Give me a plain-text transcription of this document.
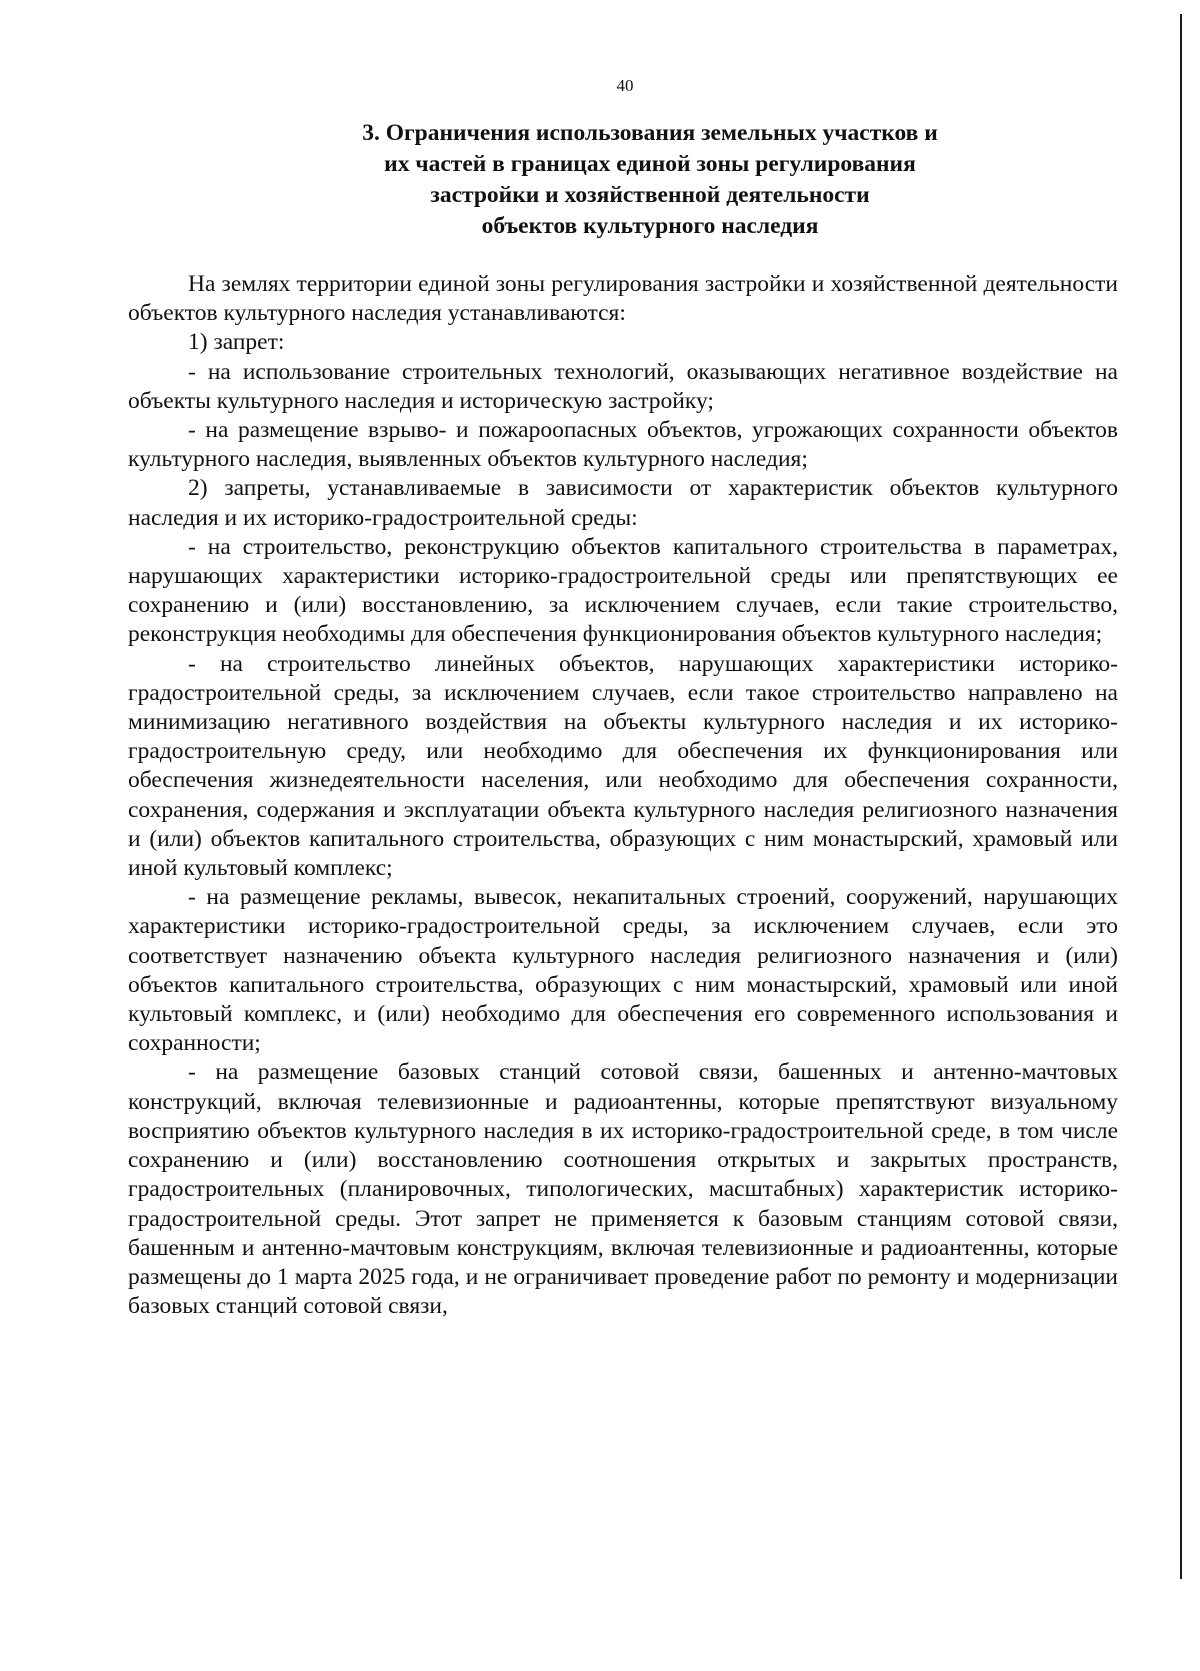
40
3. Ограничения использования земельных участков и
их частей в границах единой зоны регулирования
застройки и хозяйственной деятельности
объектов культурного наследия

На землях территории единой зоны регулирования застройки и хозяйственной деятельности объектов культурного наследия устанавливаются:

1) запрет:

- на использование строительных технологий, оказывающих негативное воздействие на объекты культурного наследия и историческую застройку;

- на размещение взрыво- и пожароопасных объектов, угрожающих сохранности объектов культурного наследия, выявленных объектов культурного наследия;

2) запреты, устанавливаемые в зависимости от характеристик объектов культурного наследия и их историко-градостроительной среды:

- на строительство, реконструкцию объектов капитального строительства в параметрах, нарушающих характеристики историко-градостроительной среды или препятствующих ее сохранению и (или) восстановлению, за исключением случаев, если такие строительство, реконструкция необходимы для обеспечения функционирования объектов культурного наследия;

- на строительство линейных объектов, нарушающих характеристики историко-градостроительной среды, за исключением случаев, если такое строительство направлено на минимизацию негативного воздействия на объекты культурного наследия и их историко-градостроительную среду, или необходимо для обеспечения их функционирования или обеспечения жизнедеятельности населения, или необходимо для обеспечения сохранности, сохранения, содержания и эксплуатации объекта культурного наследия религиозного назначения и (или) объектов капитального строительства, образующих с ним монастырский, храмовый или иной культовый комплекс;

- на размещение рекламы, вывесок, некапитальных строений, сооружений, нарушающих характеристики историко-градостроительной среды, за исключением случаев, если это соответствует назначению объекта культурного наследия религиозного назначения и (или) объектов капитального строительства, образующих с ним монастырский, храмовый или иной культовый комплекс, и (или) необходимо для обеспечения его современного использования и сохранности;

- на размещение базовых станций сотовой связи, башенных и антенно-мачтовых конструкций, включая телевизионные и радиоантенны, которые препятствуют визуальному восприятию объектов культурного наследия в их историко-градостроительной среде, в том числе сохранению и (или) восстановлению соотношения открытых и закрытых пространств, градостроительных (планировочных, типологических, масштабных) характеристик историко-градостроительной среды. Этот запрет не применяется к базовым станциям сотовой связи, башенным и антенно-мачтовым конструкциям, включая телевизионные и радиоантенны, которые размещены до 1 марта 2025 года, и не ограничивает проведение работ по ремонту и модернизации базовых станций сотовой связи,
